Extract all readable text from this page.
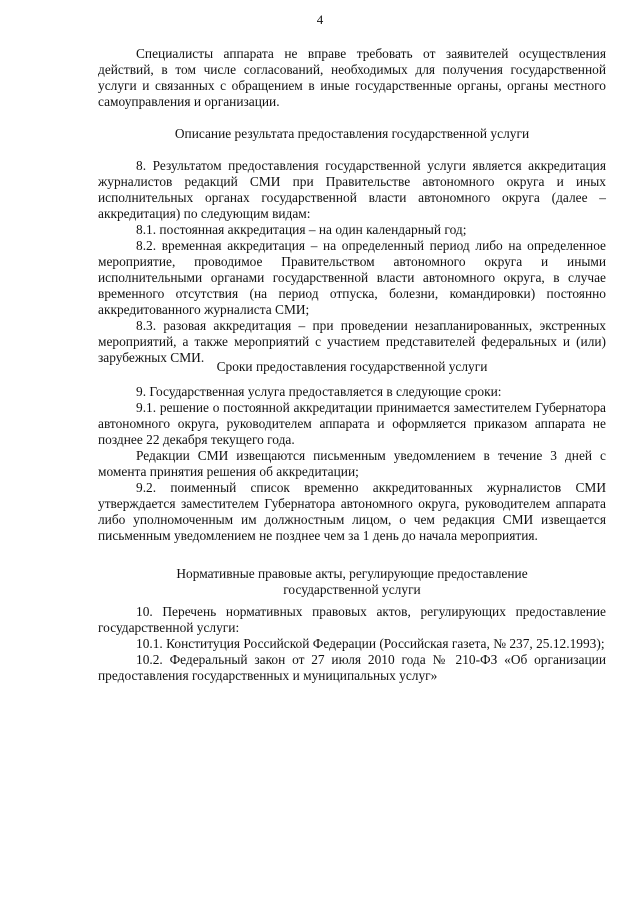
4

Специалисты аппарата не вправе требовать от заявителей осуществления действий, в том числе согласований, необходимых для получения государственной услуги и связанных с обращением в иные государственные органы, органы местного самоуправления и организации.

Описание результата предоставления государственной услуги

8. Результатом предоставления государственной услуги является аккредитация журналистов редакций СМИ при Правительстве автономного округа и иных исполнительных органах государственной власти автономного округа (далее – аккредитация) по следующим видам:

8.1. постоянная аккредитация – на один календарный год;

8.2. временная аккредитация – на определенный период либо на определенное мероприятие, проводимое Правительством автономного округа и иными исполнительными органами государственной власти автономного округа, в случае временного отсутствия (на период отпуска, болезни, командировки) постоянно аккредитованного журналиста СМИ;

8.3. разовая аккредитация – при проведении незапланированных, экстренных мероприятий, а также мероприятий с участием представителей федеральных и (или) зарубежных СМИ.

Сроки предоставления государственной услуги

9. Государственная услуга предоставляется в следующие сроки:

9.1. решение о постоянной аккредитации принимается заместителем Губернатора автономного округа, руководителем аппарата и оформляется приказом аппарата не позднее 22 декабря текущего года.

Редакции СМИ извещаются письменным уведомлением в течение 3 дней с момента принятия решения об аккредитации;

9.2. поименный список временно аккредитованных журналистов СМИ утверждается заместителем Губернатора автономного округа, руководителем аппарата либо уполномоченным им должностным лицом, о чем редакция СМИ извещается письменным уведомлением не позднее чем за 1 день до начала мероприятия.

Нормативные правовые акты, регулирующие предоставление

государственной услуги

10. Перечень нормативных правовых актов, регулирующих предоставление государственной услуги:

10.1. Конституция Российской Федерации (Российская газета, № 237, 25.12.1993);

10.2. Федеральный закон от 27 июля 2010 года № 210-ФЗ «Об организации предоставления государственных и муниципальных услуг»
